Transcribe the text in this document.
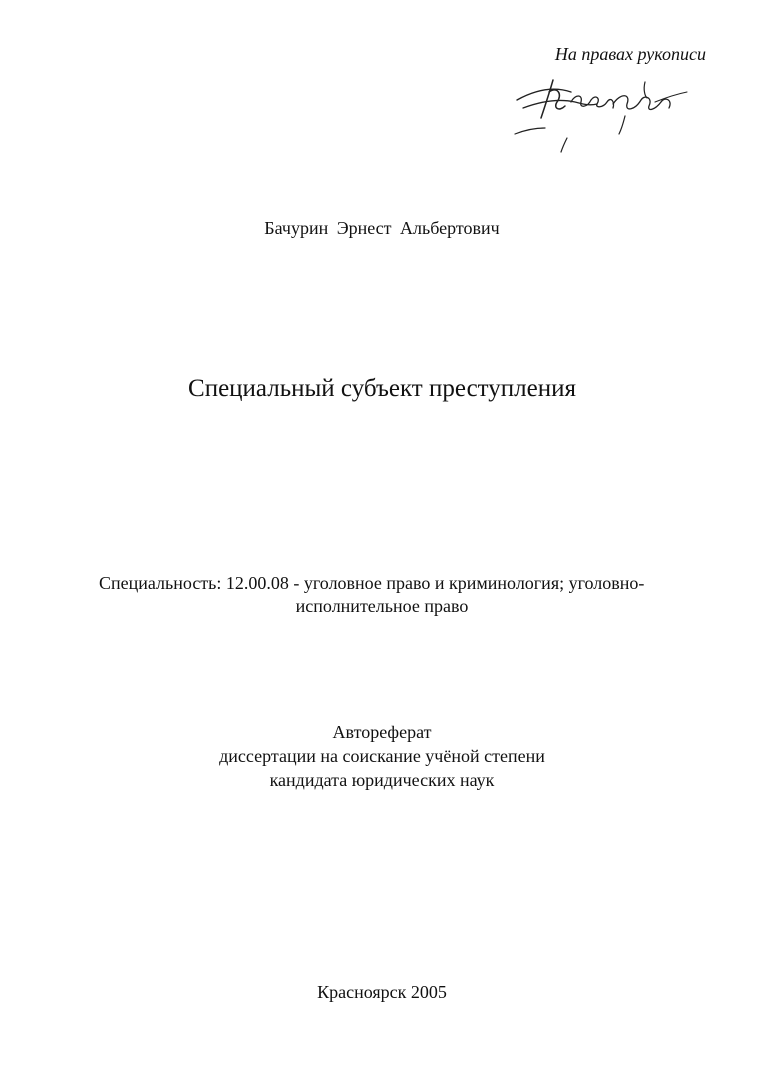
На правах рукописи

Бачурин Эрнест Альбертович

Специальный субъект преступления

Специальность: 12.00.08 - уголовное право и криминология; уголовно-

исполнительное право

Автореферат
диссертации на соискание учёной степени
кандидата юридических наук

Красноярск 2005
